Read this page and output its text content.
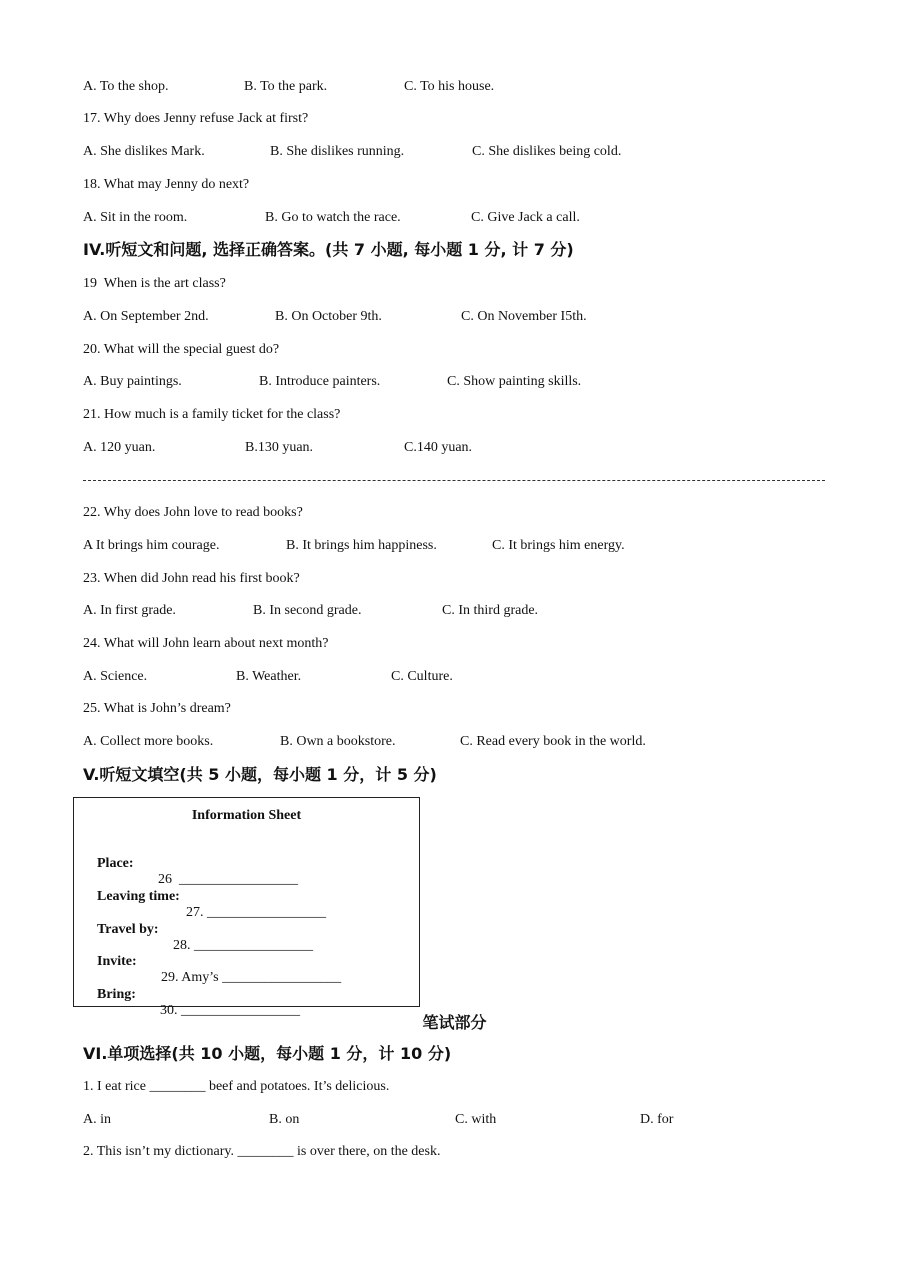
A. To the shop.

	B. To the park.

	C. To his house.

17. Why does Jenny refuse Jack at first?

A. She dislikes Mark.

	B. She dislikes running.

	C. She dislikes being cold.

18. What may Jenny do next?

A. Sit in the room.

	B. Go to watch the race.

	C. Give Jack a call.

IV.听短文和问题, 选择正确答案。(共 7 小题, 每小题 1 分, 计 7 分)
19  When is the art class?

A. On September 2nd.

	B. On October 9th.

	C. On November I5th.

20. What will the special guest do?

A. Buy paintings.

	B. Introduce painters.

	C. Show painting skills.

21. How much is a family ticket for the class?

A. 120 yuan.

	B.130 yuan.

	C.140 yuan.

22. Why does John love to read books?

A It brings him courage.

	B. It brings him happiness.

	C. It brings him energy.

23. When did John read his first book?

A. In first grade.

	B. In second grade.

	C. In third grade.

24. What will John learn about next month?

A. Science.

	B. Weather.

	C. Culture.

25. What is John’s dream?

A. Collect more books.

	B. Own a bookstore.

	C. Read every book in the world.

V.听短文填空(共 5 小题，每小题 1 分，计 5 分)
Information Sheet

Place:

26  _________________

Leaving time:

27. _________________

Travel by:

28. _________________

Invite:

29. Amy’s _________________

Bring:

30. _________________

笔试部分
VI.单项选择(共 10 小题，每小题 1 分，计 10 分)
1. I eat rice ________ beef and potatoes. It’s delicious.

A. in

	B. on

	C. with

	D. for

2. This isn’t my dictionary. ________ is over there, on the desk.
